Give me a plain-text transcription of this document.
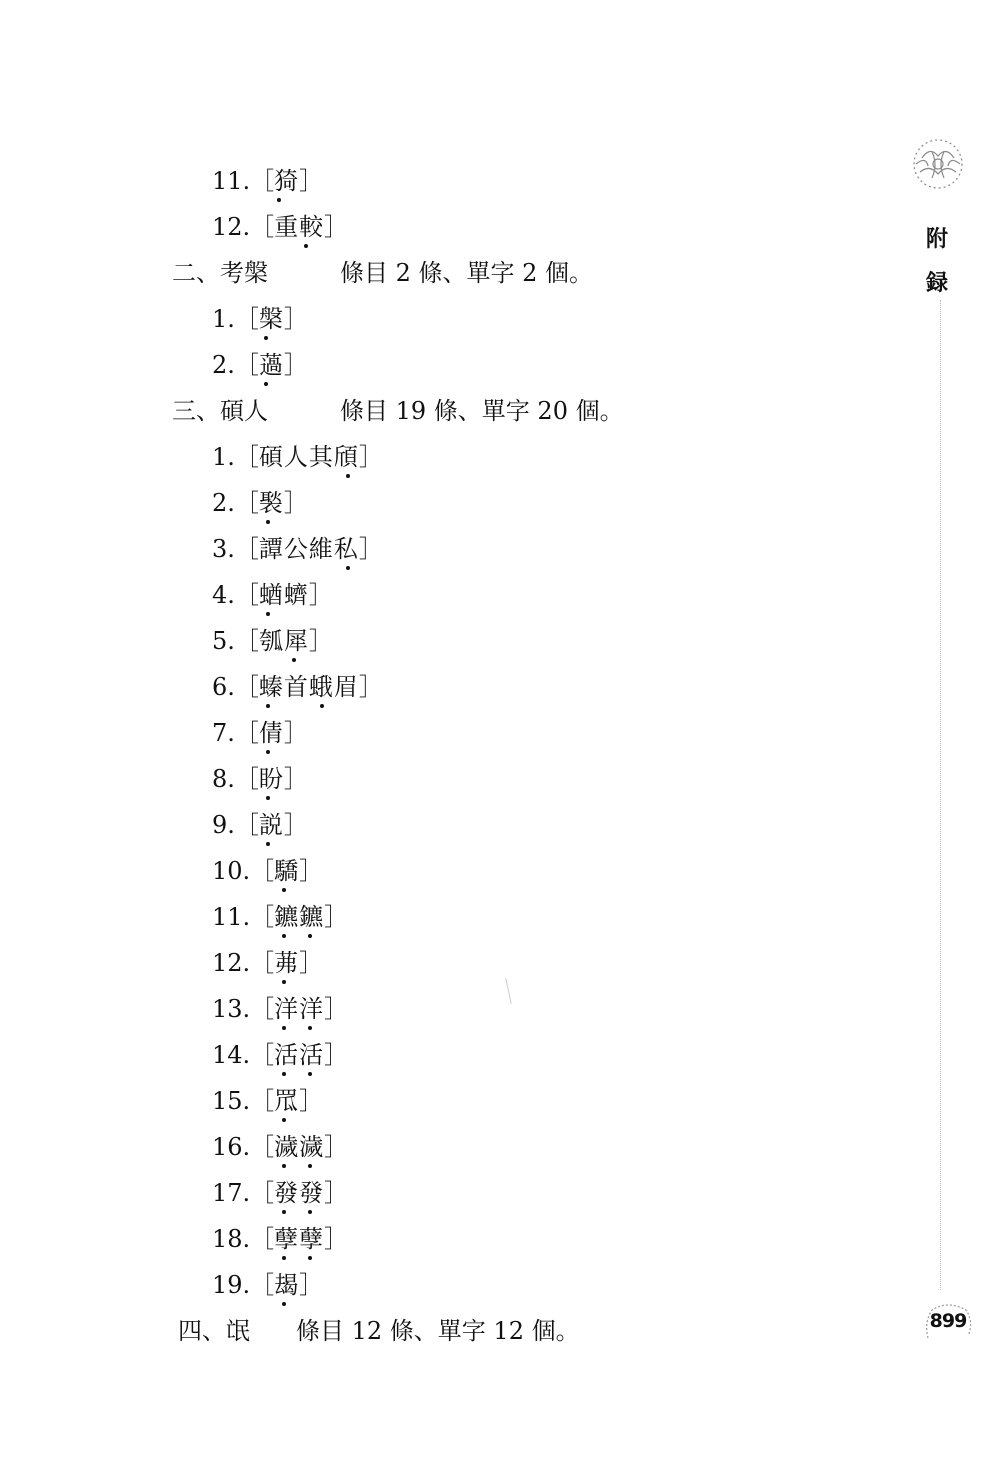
11.［猗］
12.［重較］
二、考槃	條目 2 條、單字 2 個。
1.［槃］
2.［薖］
三、碩人	條目 19 條、單字 20 個。
1.［碩人其頎］
2.［褧］
3.［譚公維私］
4.［蝤蠐］
5.［瓠犀］
6.［螓首蛾眉］
7.［倩］
8.［盼］
9.［説］
10.［驕］
11.［鑣鑣］
12.［茀］
13.［洋洋］
14.［活活］
15.［罛］
16.［濊濊］
17.［發發］
18.［孽孽］
19.［朅］
四、氓 條目 12 條、單字 12 個。
附
録
899
